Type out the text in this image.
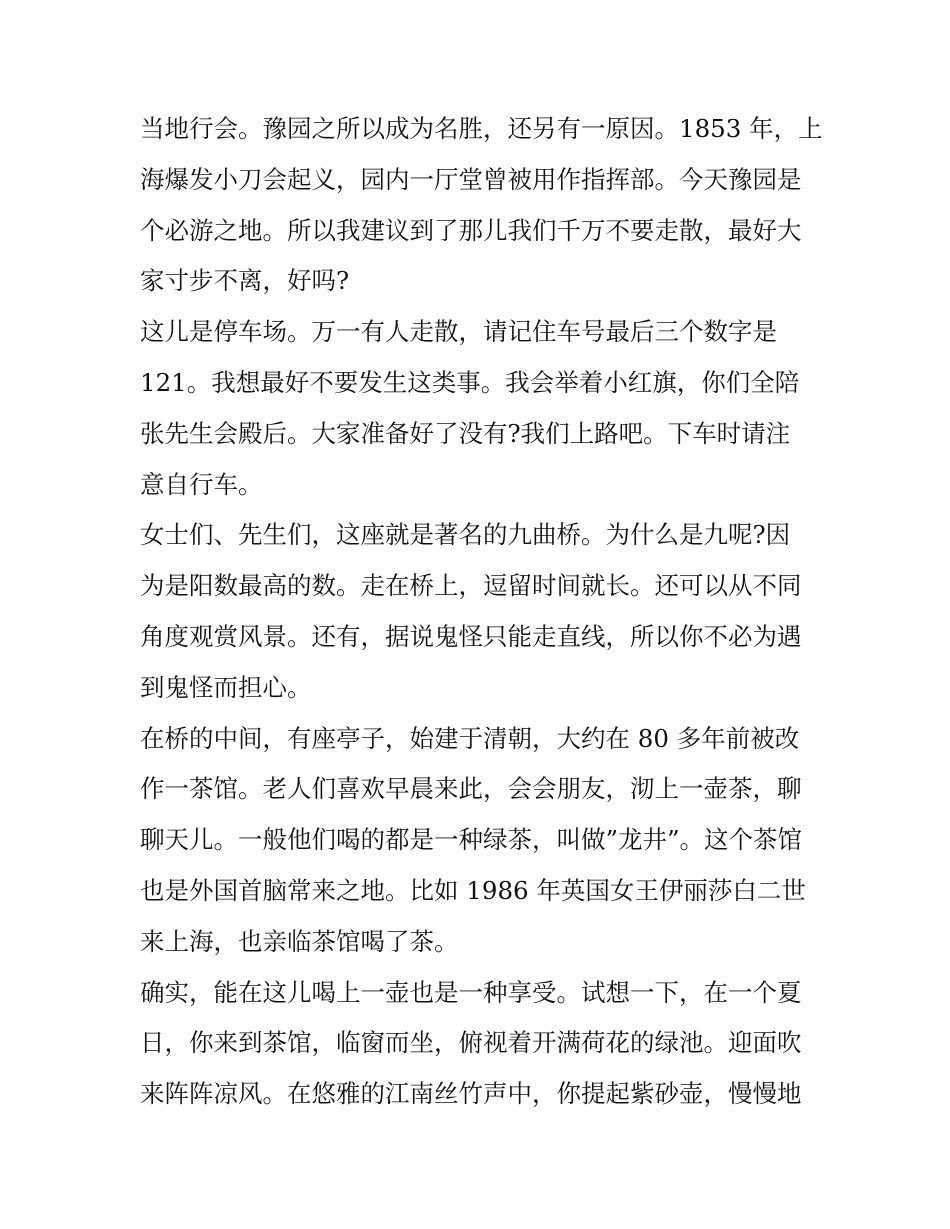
当地行会。豫园之所以成为名胜，还另有一原因。1853 年，上
海爆发小刀会起义，园内一厅堂曾被用作指挥部。今天豫园是
个必游之地。所以我建议到了那儿我们千万不要走散，最好大
家寸步不离，好吗?
这儿是停车场。万一有人走散，请记住车号最后三个数字是
121。我想最好不要发生这类事。我会举着小红旗，你们全陪
张先生会殿后。大家准备好了没有?我们上路吧。下车时请注
意自行车。
女士们、先生们，这座就是著名的九曲桥。为什么是九呢?因
为是阳数最高的数。走在桥上，逗留时间就长。还可以从不同
角度观赏风景。还有，据说鬼怪只能走直线，所以你不必为遇
到鬼怪而担心。
在桥的中间，有座亭子，始建于清朝，大约在 80 多年前被改
作一茶馆。老人们喜欢早晨来此，会会朋友，沏上一壶茶，聊
聊天儿。一般他们喝的都是一种绿茶，叫做”龙井”。这个茶馆
也是外国首脑常来之地。比如 1986 年英国女王伊丽莎白二世
来上海，也亲临茶馆喝了茶。
确实，能在这儿喝上一壶也是一种享受。试想一下，在一个夏
日，你来到茶馆，临窗而坐，俯视着开满荷花的绿池。迎面吹
来阵阵凉风。在悠雅的江南丝竹声中，你提起紫砂壶，慢慢地
